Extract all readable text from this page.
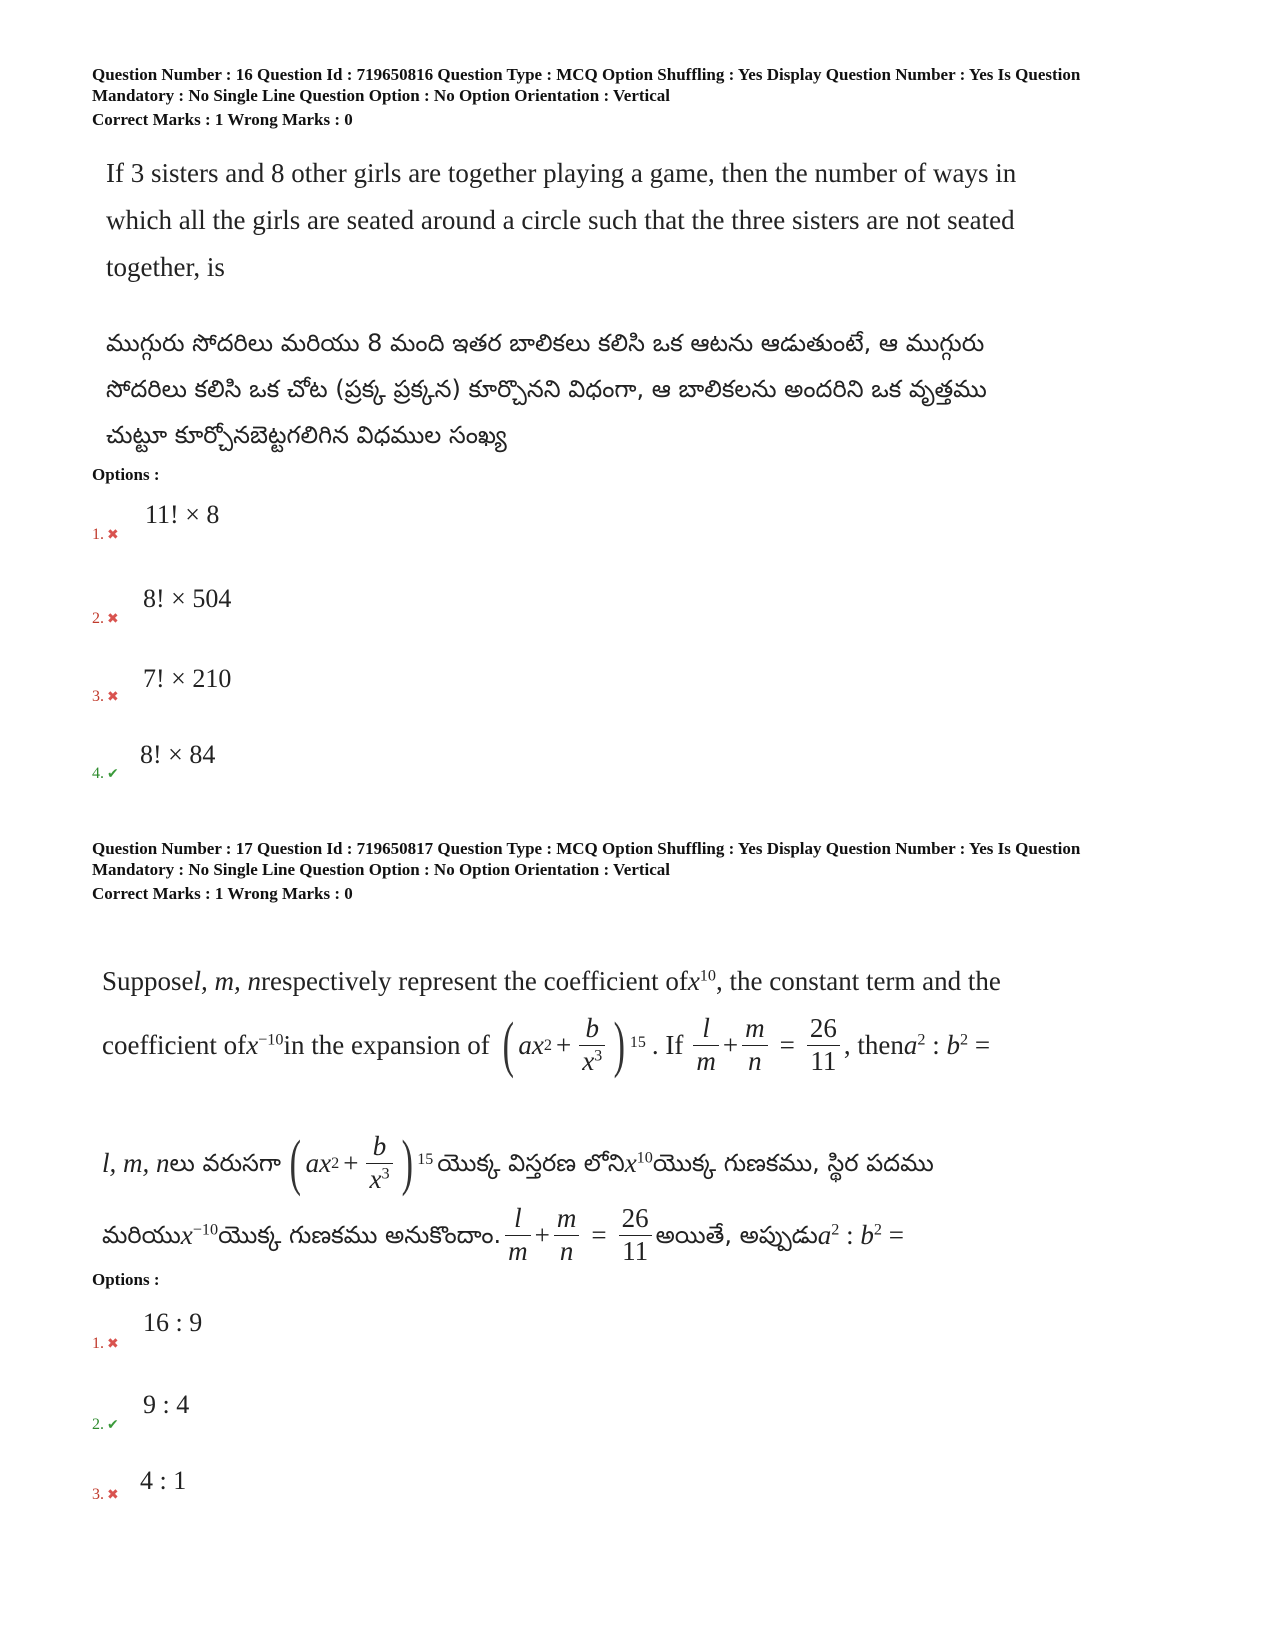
Question Number : 16 Question Id : 719650816 Question Type : MCQ Option Shuffling : Yes Display Question Number : Yes Is Question
Mandatory : No Single Line Question Option : No Option Orientation : Vertical
Correct Marks : 1 Wrong Marks : 0
If 3 sisters and 8 other girls are together playing a game, then the number of ways in
which all the girls are seated around a circle such that the three sisters are not seated
together, is
ముగ్గురు సోదరిలు మరియు 8 మంది ఇతర బాలికలు కలిసి ఒక ఆటను ఆడుతుంటే, ఆ ముగ్గురు
సోదరిలు కలిసి ఒక చోట (ప్రక్క ప్రక్కన) కూర్చొనని విధంగా, ఆ బాలికలను అందరిని ఒక వృత్తము
చుట్టూ కూర్చోనబెట్టగలిగిన విధముల సంఖ్య
Options :
11! × 8
1. ✖
8! × 504
2. ✖
7! × 210
3. ✖
8! × 84
4. ✔
Question Number : 17 Question Id : 719650817 Question Type : MCQ Option Shuffling : Yes Display Question Number : Yes Is Question
Mandatory : No Single Line Question Option : No Option Orientation : Vertical
Correct Marks : 1 Wrong Marks : 0
Suppose l, m, n respectively represent the coefficient of $x^{10}$ , the constant term and the
coefficient of $x^{-10}$ in the expansion of ( ax $2 + \frac{b}{x^3}$ ) 15 . If $\frac{l}{m} + \frac{m}{n} = \frac{26}{11}$ , then $a^2$ : $b^2$ =
l, m, n లు వరుసగా ( ax $2 + \frac{b}{x^3}$ ) 15 యొక్క విస్తరణ లోని $x^{10}$ యొక్క గుణకము, స్థిర పదము
మరియు $x^{-10}$ యొక్క గుణకము అనుకొందాం. $\frac{l}{m} + \frac{m}{n} = \frac{26}{11}$ అయితే, అప్పుడు $a^2$ : $b^2$ =
Options :
16 : 9
1. ✖
9 : 4
2. ✔
4 : 1
3. ✖
